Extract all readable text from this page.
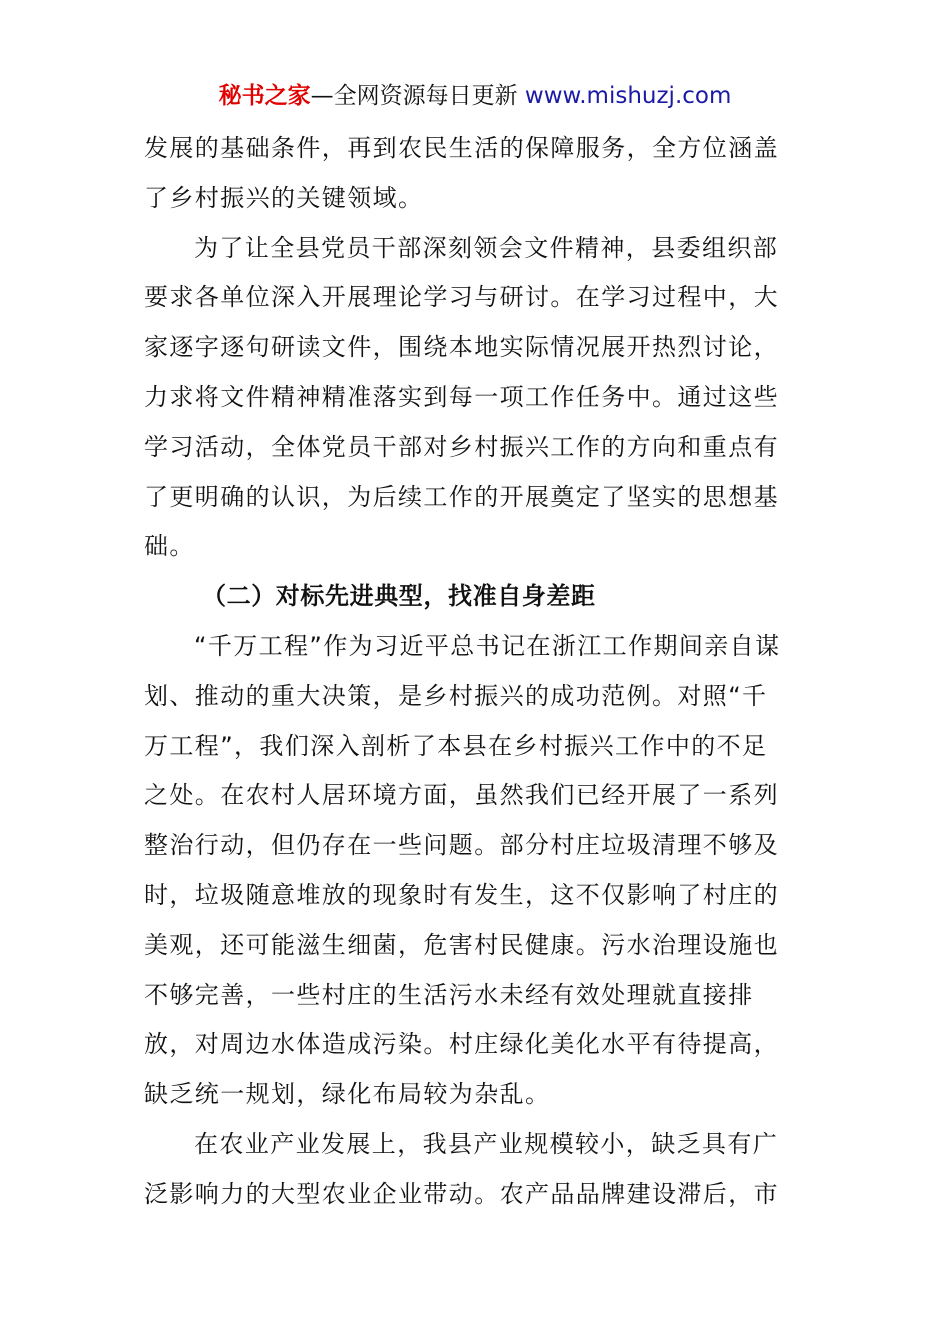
秘书之家—全网资源每日更新 www.mishuzj.com
发展的基础条件，再到农民生活的保障服务，全方位涵盖
了乡村振兴的关键领域。
为了让全县党员干部深刻领会文件精神，县委组织部
要求各单位深入开展理论学习与研讨。在学习过程中，大
家逐字逐句研读文件，围绕本地实际情况展开热烈讨论，
力求将文件精神精准落实到每一项工作任务中。通过这些
学习活动，全体党员干部对乡村振兴工作的方向和重点有
了更明确的认识，为后续工作的开展奠定了坚实的思想基
础。
（二）对标先进典型，找准自身差距
“千万工程”作为习近平总书记在浙江工作期间亲自谋
划、推动的重大决策，是乡村振兴的成功范例。对照“千
万工程”，我们深入剖析了本县在乡村振兴工作中的不足
之处。在农村人居环境方面，虽然我们已经开展了一系列
整治行动，但仍存在一些问题。部分村庄垃圾清理不够及
时，垃圾随意堆放的现象时有发生，这不仅影响了村庄的
美观，还可能滋生细菌，危害村民健康。污水治理设施也
不够完善，一些村庄的生活污水未经有效处理就直接排
放，对周边水体造成污染。村庄绿化美化水平有待提高，
缺乏统一规划，绿化布局较为杂乱。
在农业产业发展上，我县产业规模较小，缺乏具有广
泛影响力的大型农业企业带动。农产品品牌建设滞后，市
